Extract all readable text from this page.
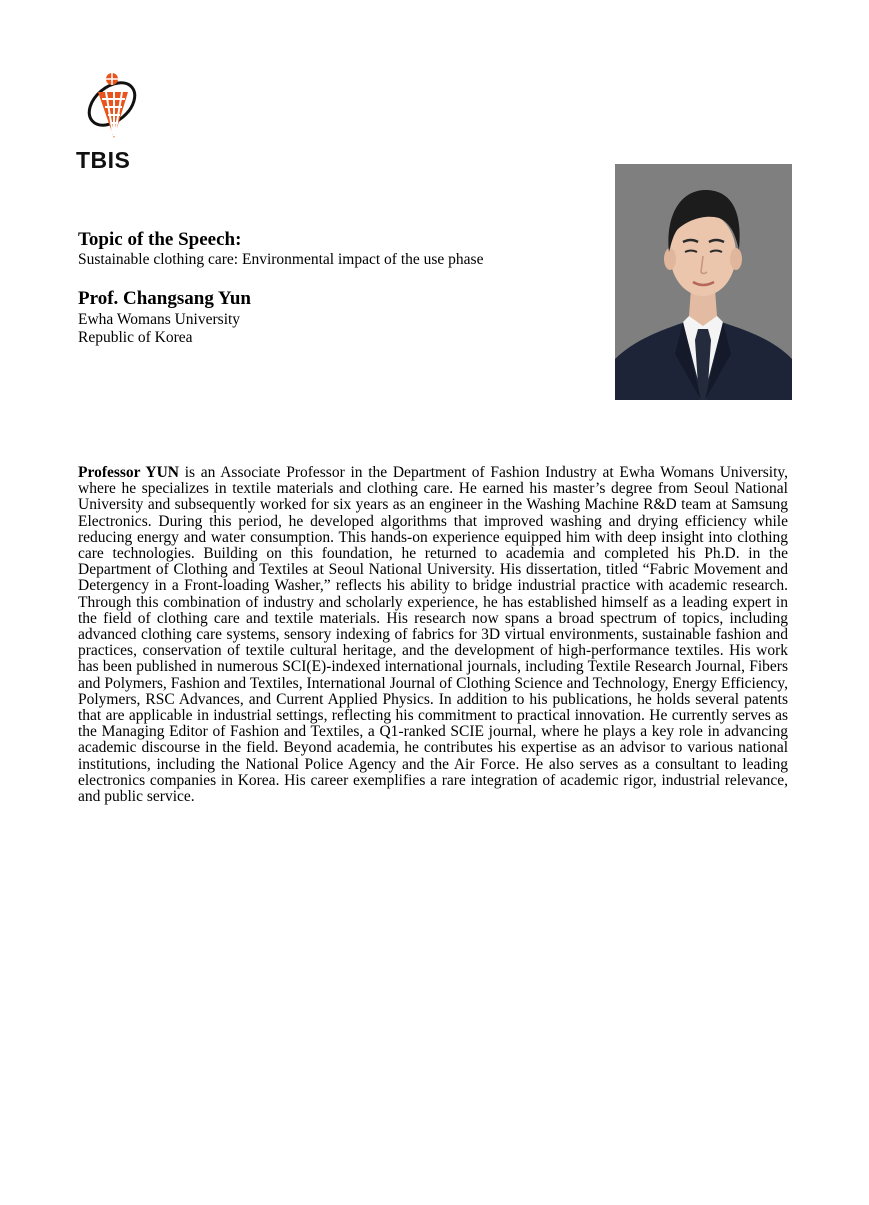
TBIS
Topic of the Speech:

Sustainable clothing care: Environmental impact of the use phase

Prof. Changsang Yun

Ewha Womans University

Republic of Korea

Professor YUN is an Associate Professor in the Department of Fashion Industry at Ewha Womans University, where he specializes in textile materials and clothing care. He earned his master’s degree from Seoul National University and subsequently worked for six years as an engineer in the Washing Machine R&D team at Samsung Electronics. During this period, he developed algorithms that improved washing and drying efficiency while reducing energy and water consumption. This hands-on experience equipped him with deep insight into clothing care technologies. Building on this foundation, he returned to academia and completed his Ph.D. in the Department of Clothing and Textiles at Seoul National University. His dissertation, titled “Fabric Movement and Detergency in a Front-loading Washer,” reflects his ability to bridge industrial practice with academic research. Through this combination of industry and scholarly experience, he has established himself as a leading expert in the field of clothing care and textile materials. His research now spans a broad spectrum of topics, including advanced clothing care systems, sensory indexing of fabrics for 3D virtual environments, sustainable fashion and practices, conservation of textile cultural heritage, and the development of high-performance textiles. His work has been published in numerous SCI(E)-indexed international journals, including Textile Research Journal, Fibers and Polymers, Fashion and Textiles, International Journal of Clothing Science and Technology, Energy Efficiency, Polymers, RSC Advances, and Current Applied Physics. In addition to his publications, he holds several patents that are applicable in industrial settings, reflecting his commitment to practical innovation. He currently serves as the Managing Editor of Fashion and Textiles, a Q1-ranked SCIE journal, where he plays a key role in advancing academic discourse in the field. Beyond academia, he contributes his expertise as an advisor to various national institutions, including the National Police Agency and the Air Force. He also serves as a consultant to leading electronics companies in Korea. His career exemplifies a rare integration of academic rigor, industrial relevance, and public service.
